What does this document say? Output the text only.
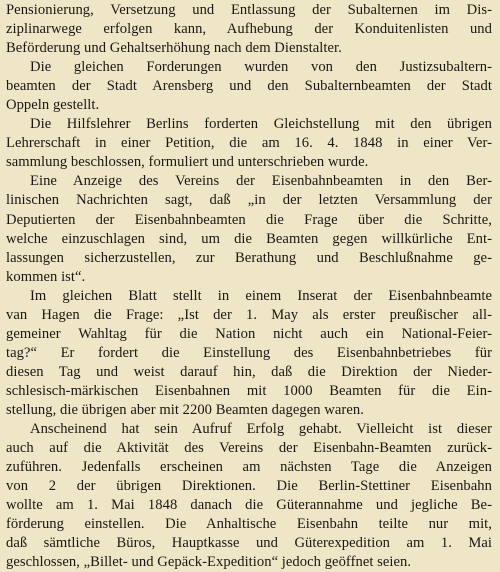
Pensionierung, Versetzung und Entlassung der Subalternen im Dis-
ziplinarwege erfolgen kann, Aufhebung der Konduitenlisten und
Beförderung und Gehaltserhöhung nach dem Dienstalter.
Die gleichen Forderungen wurden von den Justizsubaltern-
beamten der Stadt Arensberg und den Subalternbeamten der Stadt
Oppeln gestellt.
Die Hilfslehrer Berlins forderten Gleichstellung mit den übrigen
Lehrerschaft in einer Petition, die am 16. 4. 1848 in einer Ver-
sammlung beschlossen, formuliert und unterschrieben wurde.
Eine Anzeige des Vereins der Eisenbahnbeamten in den Ber-
linischen Nachrichten sagt, daß „in der letzten Versammlung der
Deputierten der Eisenbahnbeamten die Frage über die Schritte,
welche einzuschlagen sind, um die Beamten gegen willkürliche Ent-
lassungen sicherzustellen, zur Berathung und Beschlußnahme ge-
kommen ist“.
Im gleichen Blatt stellt in einem Inserat der Eisenbahnbeamte
van Hagen die Frage: „Ist der 1. May als erster preußischer all-
gemeiner Wahltag für die Nation nicht auch ein National-Feier-
tag?“ Er fordert die Einstellung des Eisenbahnbetriebes für
diesen Tag und weist darauf hin, daß die Direktion der Nieder-
schlesisch-märkischen Eisenbahnen mit 1000 Beamten für die Ein-
stellung, die übrigen aber mit 2200 Beamten dagegen waren.
Anscheinend hat sein Aufruf Erfolg gehabt. Vielleicht ist dieser
auch auf die Aktivität des Vereins der Eisenbahn-Beamten zurück-
zuführen. Jedenfalls erscheinen am nächsten Tage die Anzeigen
von 2 der übrigen Direktionen. Die Berlin-Stettiner Eisenbahn
wollte am 1. Mai 1848 danach die Güterannahme und jegliche Be-
förderung einstellen. Die Anhaltische Eisenbahn teilte nur mit,
daß sämtliche Büros, Hauptkasse und Güterexpedition am 1. Mai
geschlossen, „Billet- und Gepäck-Expedition“ jedoch geöffnet seien.
